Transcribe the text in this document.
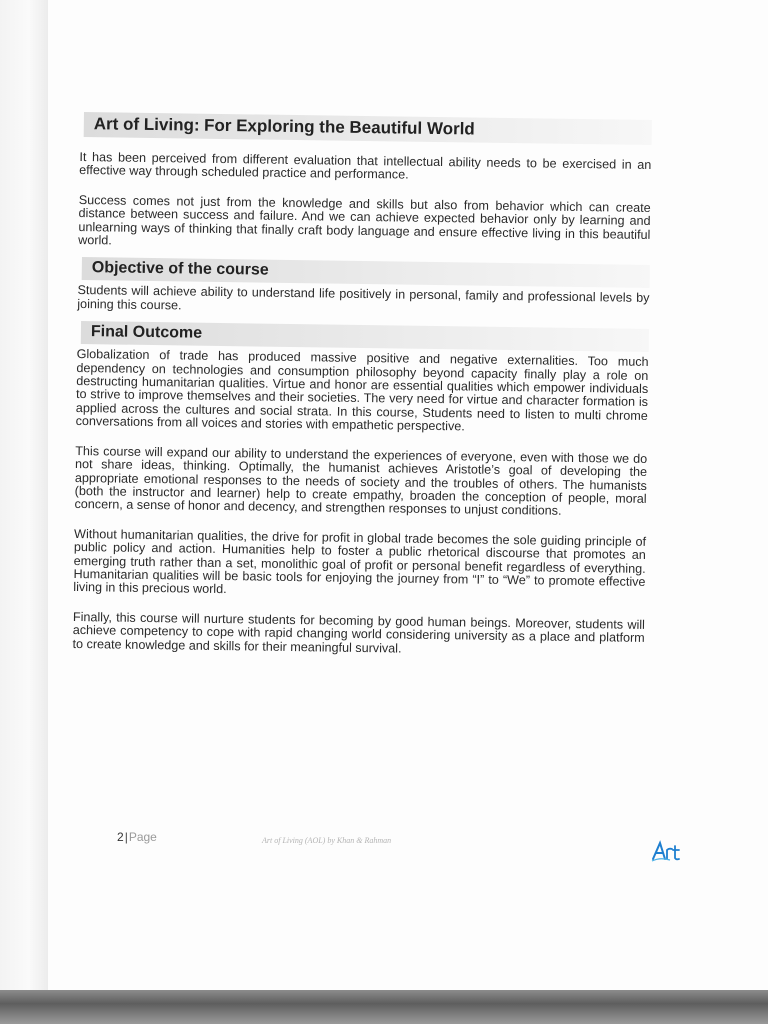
Art of Living: For Exploring the Beautiful World

It has been perceived from different evaluation that intellectual ability needs to be exercised in an effective way through scheduled practice and performance.

Success comes not just from the knowledge and skills but also from behavior which can create distance between success and failure. And we can achieve expected behavior only by learning and unlearning ways of thinking that finally craft body language and ensure effective living in this beautiful world.

Objective of the course

Students will achieve ability to understand life positively in personal, family and professional levels by joining this course.

Final Outcome

Globalization of trade has produced massive positive and negative externalities. Too much dependency on technologies and consumption philosophy beyond capacity finally play a role on destructing humanitarian qualities. Virtue and honor are essential qualities which empower individuals to strive to improve themselves and their societies. The very need for virtue and character formation is applied across the cultures and social strata. In this course, Students need to listen to multi chrome conversations from all voices and stories with empathetic perspective.

This course will expand our ability to understand the experiences of everyone, even with those we do not share ideas, thinking. Optimally, the humanist achieves Aristotle’s goal of developing the appropriate emotional responses to the needs of society and the troubles of others. The humanists (both the instructor and learner) help to create empathy, broaden the conception of people, moral concern, a sense of honor and decency, and strengthen responses to unjust conditions.

Without humanitarian qualities, the drive for profit in global trade becomes the sole guiding principle of public policy and action. Humanities help to foster a public rhetorical discourse that promotes an emerging truth rather than a set, monolithic goal of profit or personal benefit regardless of everything. Humanitarian qualities will be basic tools for enjoying the journey from “I” to “We” to promote effective living in this precious world.

Finally, this course will nurture students for becoming by good human beings. Moreover, students will achieve competency to cope with rapid changing world considering university as a place and platform to create knowledge and skills for their meaningful survival.

2|Page	Art of Living (AOL) by Khan & Rahman
